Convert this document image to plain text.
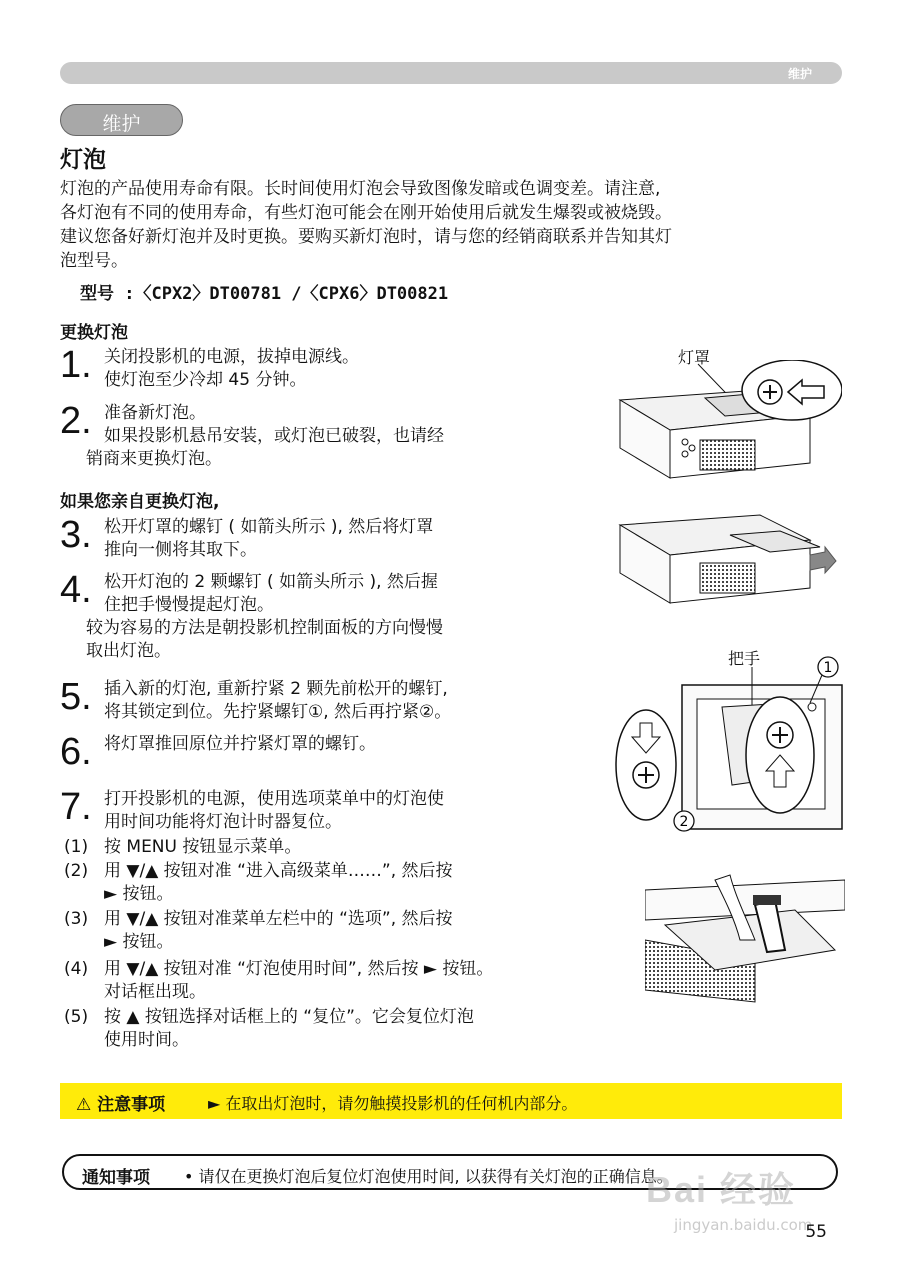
维护
维护
灯泡
灯泡的产品使用寿命有限。长时间使用灯泡会导致图像发暗或色调变差。请注意,
各灯泡有不同的使用寿命，有些灯泡可能会在刚开始使用后就发生爆裂或被烧毁。
建议您备好新灯泡并及时更换。要购买新灯泡时，请与您的经销商联系并告知其灯
泡型号。
型号 :〈CPX2〉DT00781 /〈CPX6〉DT00821
更换灯泡
1. 关闭投影机的电源，拔掉电源线。
使灯泡至少冷却 45 分钟。
2. 准备新灯泡。
如果投影机悬吊安装，或灯泡已破裂，也请经
销商来更换灯泡。
如果您亲自更换灯泡,
3. 松开灯罩的螺钉 ( 如箭头所示 ), 然后将灯罩
推向一侧将其取下。
4. 松开灯泡的 2 颗螺钉 ( 如箭头所示 ), 然后握
住把手慢慢提起灯泡。
较为容易的方法是朝投影机控制面板的方向慢慢
取出灯泡。
5. 插入新的灯泡, 重新拧紧 2 颗先前松开的螺钉,
将其锁定到位。先拧紧螺钉①, 然后再拧紧②。
6. 将灯罩推回原位并拧紧灯罩的螺钉。
7. 打开投影机的电源，使用选项菜单中的灯泡使
用时间功能将灯泡计时器复位。
(1) 按 MENU 按钮显示菜单。
(2) 用 ▼/▲ 按钮对准 “进入高级菜单……”, 然后按
► 按钮。
(3) 用 ▼/▲ 按钮对准菜单左栏中的 “选项”, 然后按
► 按钮。
(4) 用 ▼/▲ 按钮对准 “灯泡使用时间”, 然后按 ► 按钮。
对话框出现。
(5) 按 ▲ 按钮选择对话框上的 “复位”。它会复位灯泡
使用时间。
灯罩
把手	1
2
⚠ 注意事项	► 在取出灯泡时，请勿触摸投影机的任何机内部分。
通知事项 • 请仅在更换灯泡后复位灯泡使用时间, 以获得有关灯泡的正确信息。
Bai 经验
jingyan.baidu.com
55
